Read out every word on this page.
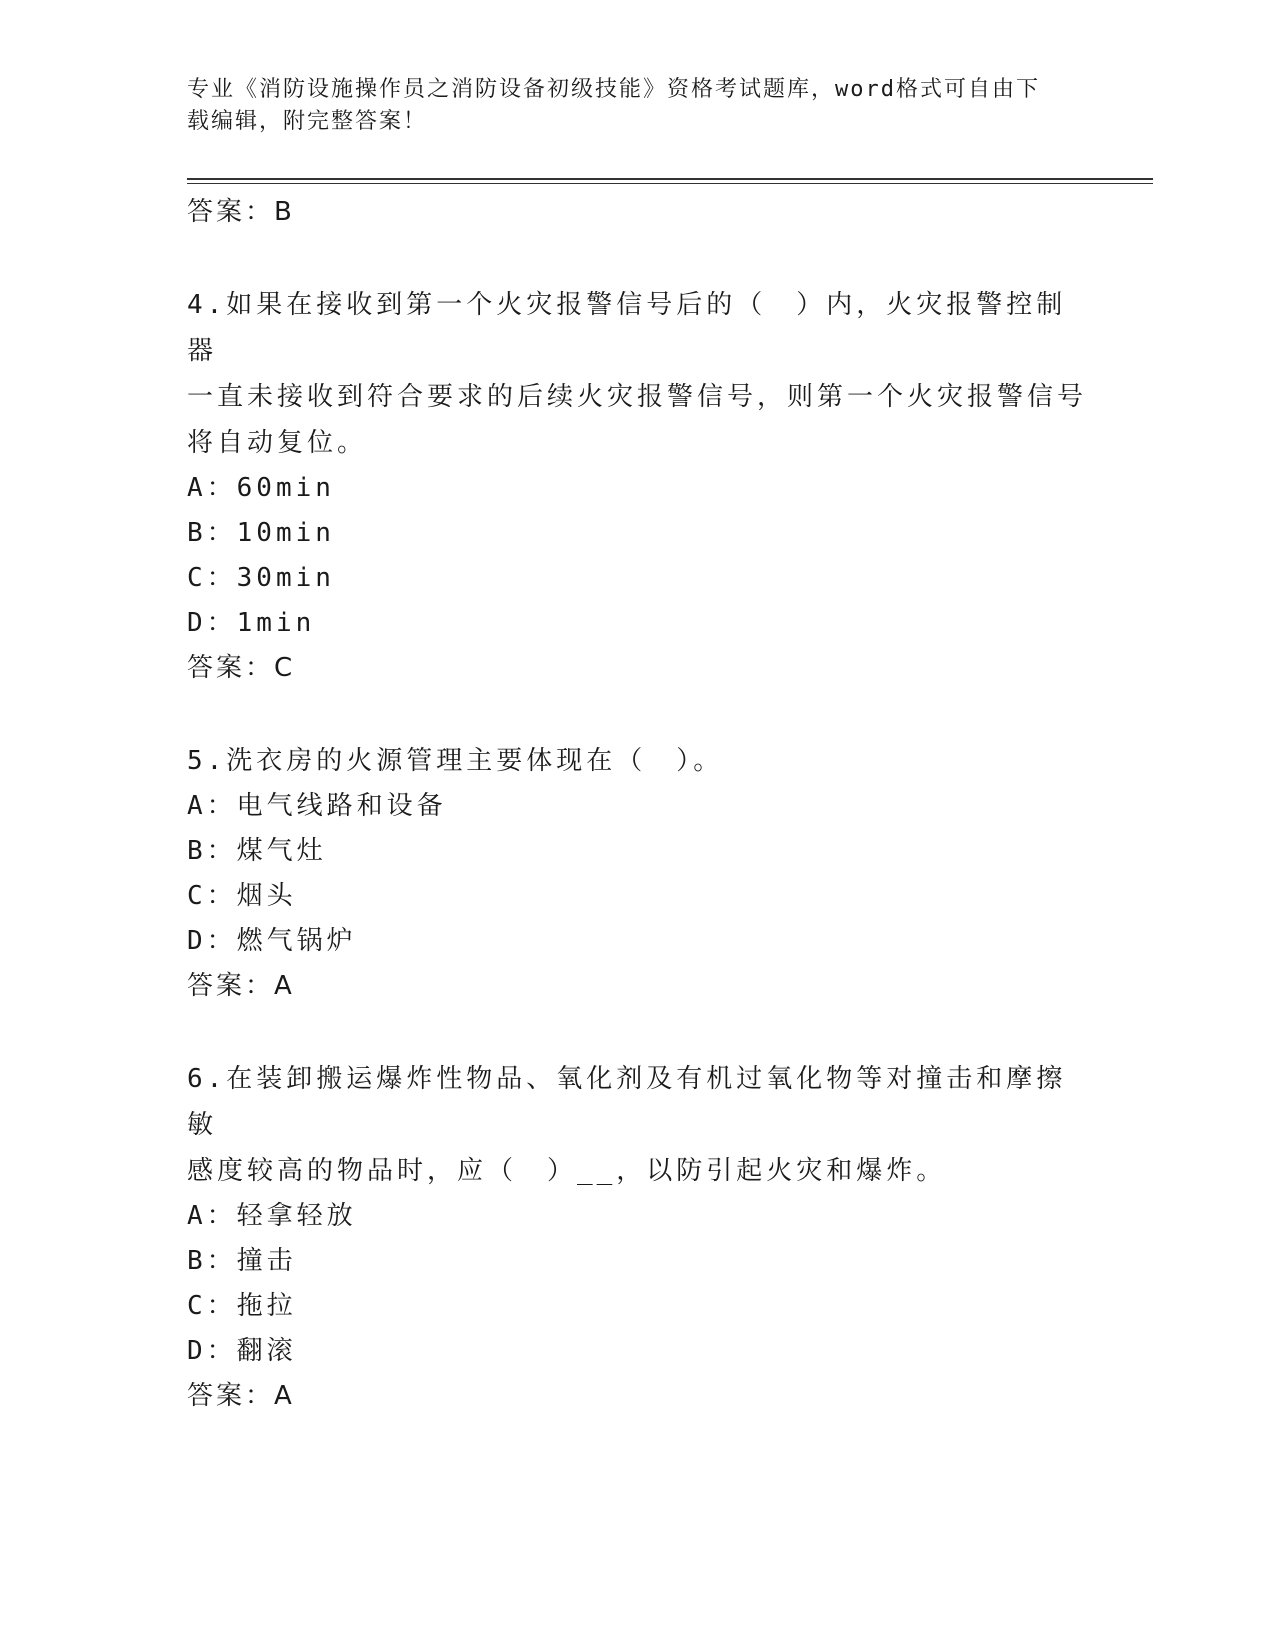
专业《消防设施操作员之消防设备初级技能》资格考试题库，word格式可自由下
载编辑，附完整答案！
答案：B
4.如果在接收到第一个火灾报警信号后的（　）内，火灾报警控制器
一直未接收到符合要求的后续火灾报警信号，则第一个火灾报警信号
将自动复位。
A：60min
B：10min
C：30min
D：1min
答案：C
5.洗衣房的火源管理主要体现在（　）。
A：电气线路和设备
B：煤气灶
C：烟头
D：燃气锅炉
答案：A
6.在装卸搬运爆炸性物品、氧化剂及有机过氧化物等对撞击和摩擦敏
感度较高的物品时，应（　）__，以防引起火灾和爆炸。
A：轻拿轻放
B：撞击
C：拖拉
D：翻滚
答案：A
